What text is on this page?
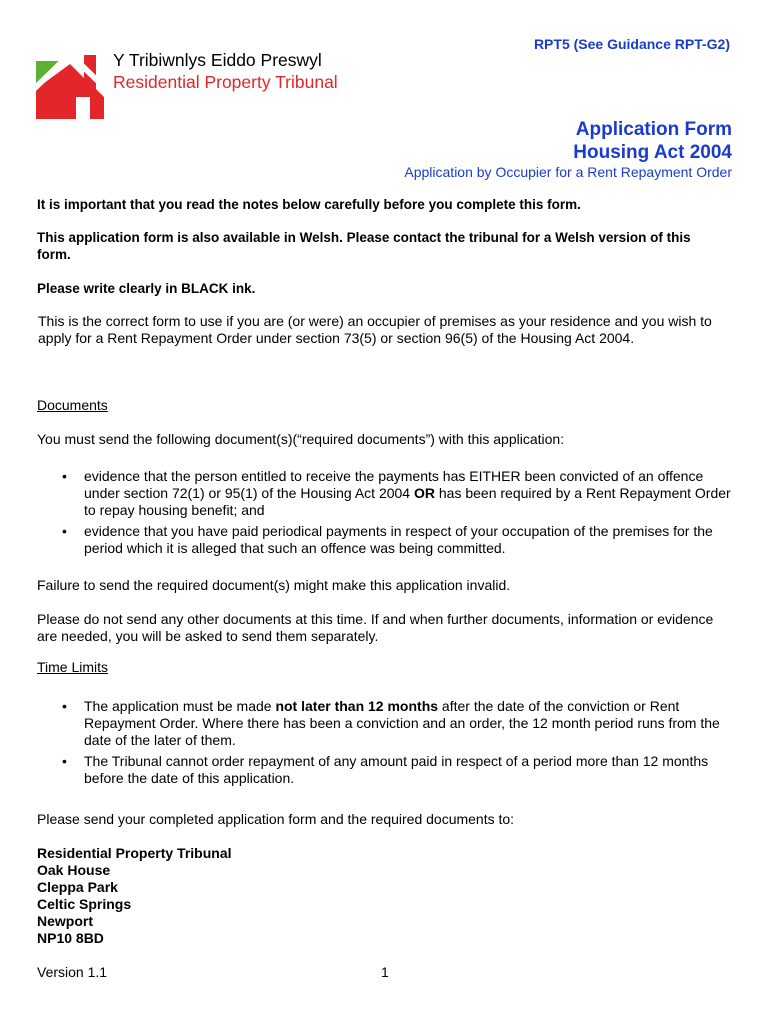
RPT5 (See Guidance RPT-G2)
Y Tribiwnlys Eiddo Preswyl
Residential Property Tribunal
Application Form
Housing Act 2004
Application by Occupier for a Rent Repayment Order
It is important that you read the notes below carefully before you complete this form.
This application form is also available in Welsh. Please contact the tribunal for a Welsh version of this form.
Please write clearly in BLACK ink.
This is the correct form to use if you are (or were) an occupier of premises as your residence and you wish to apply for a Rent Repayment Order under section 73(5) or section 96(5) of the Housing Act 2004.
Documents
You must send the following document(s)(“required documents”) with this application:
• evidence that the person entitled to receive the payments has EITHER been convicted of an offence under section 72(1) or 95(1) of the Housing Act 2004 OR has been required by a Rent Repayment Order to repay housing benefit; and
• evidence that you have paid periodical payments in respect of your occupation of the premises for the period which it is alleged that such an offence was being committed.
Failure to send the required document(s) might make this application invalid.
Please do not send any other documents at this time. If and when further documents, information or evidence are needed, you will be asked to send them separately.
Time Limits
• The application must be made not later than 12 months after the date of the conviction or Rent Repayment Order. Where there has been a conviction and an order, the 12 month period runs from the date of the later of them.
• The Tribunal cannot order repayment of any amount paid in respect of a period more than 12 months before the date of this application.
Please send your completed application form and the required documents to:
Residential Property Tribunal
Oak House
Cleppa Park
Celtic Springs
Newport
NP10 8BD
Version 1.1	1
